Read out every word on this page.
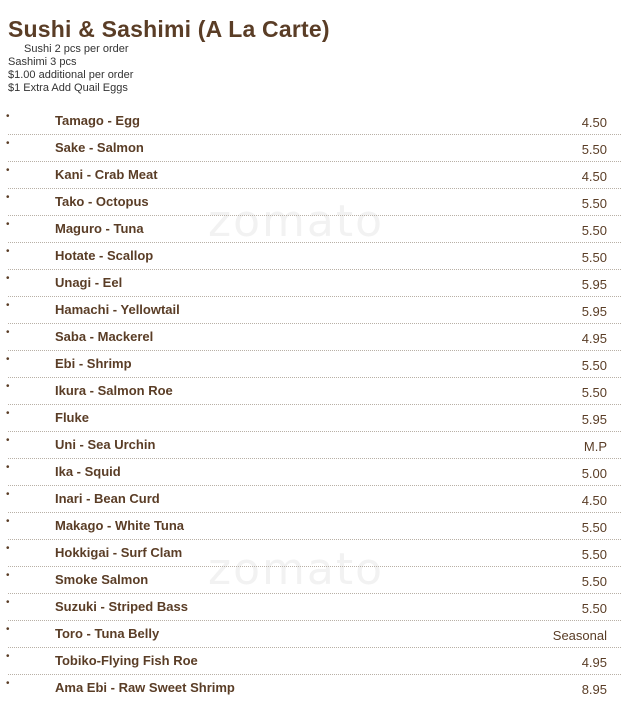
Sushi & Sashimi (A La Carte)
Sushi 2 pcs per order
Sashimi 3 pcs
$1.00 additional per order
$1 Extra Add Quail Eggs
zomato
zomato
•	Tamago - Egg	4.50
•	Sake - Salmon	5.50
•	Kani - Crab Meat	4.50
•	Tako - Octopus	5.50
•	Maguro - Tuna	5.50
•	Hotate - Scallop	5.50
•	Unagi - Eel	5.95
•	Hamachi - Yellowtail	5.95
•	Saba - Mackerel	4.95
•	Ebi - Shrimp	5.50
•	Ikura - Salmon Roe	5.50
•	Fluke	5.95
•	Uni - Sea Urchin	M.P
•	Ika - Squid	5.00
•	Inari - Bean Curd	4.50
•	Makago - White Tuna	5.50
•	Hokkigai - Surf Clam	5.50
•	Smoke Salmon	5.50
•	Suzuki - Striped Bass	5.50
•	Toro - Tuna Belly	Seasonal
•	Tobiko-Flying Fish Roe	4.95
•	Ama Ebi - Raw Sweet Shrimp	8.95
